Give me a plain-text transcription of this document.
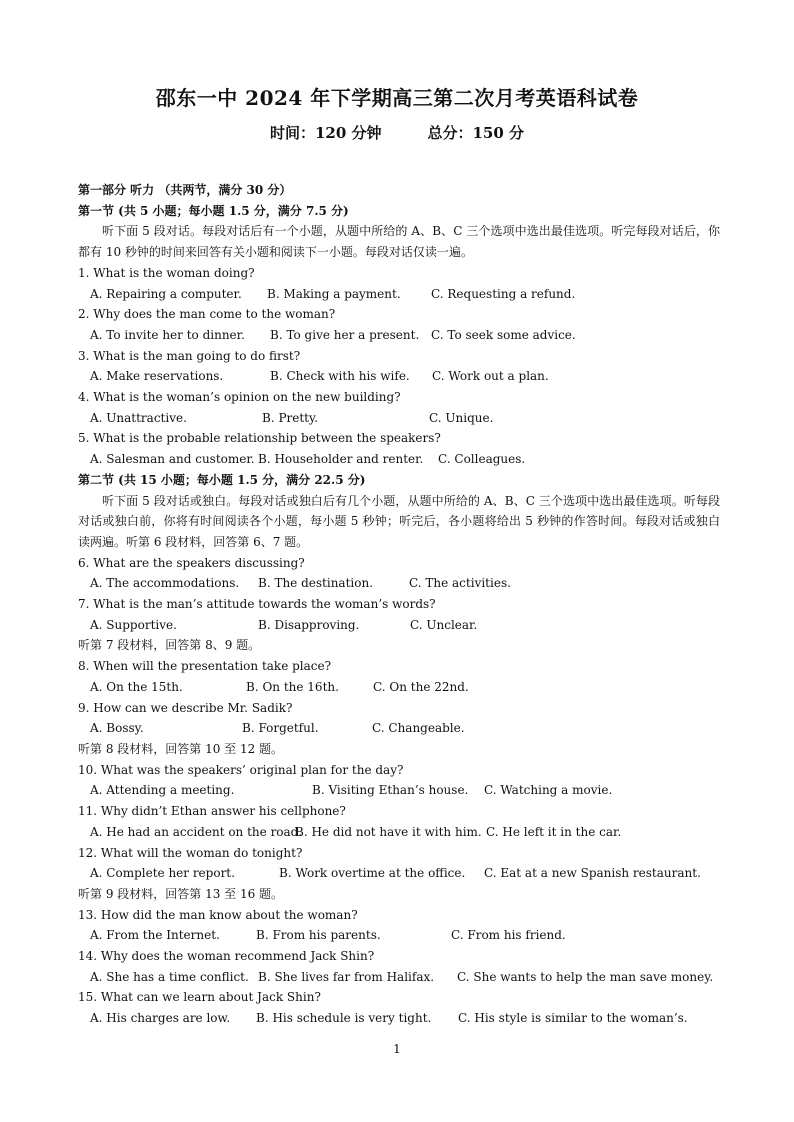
邵东一中 2024 年下学期高三第二次月考英语科试卷
时间：120 分钟	总分：150 分

第一部分 听力 （共两节，满分 30 分）

第一节 (共 5 小题；每小题 1.5 分，满分 7.5 分)

听下面 5 段对话。每段对话后有一个小题，从题中所给的 A、B、C 三个选项中选出最佳选项。听完每段对话后，你都有 10 秒钟的时间来回答有关小题和阅读下一小题。每段对话仅读一遍。

1. What is the woman doing?

A. Repairing a computer.	B. Making a payment.	C. Requesting a refund.

2. Why does the man come to the woman?

A. To invite her to dinner.	B. To give her a present. C. To seek some advice.

3. What is the man going to do first?

A. Make reservations.	B. Check with his wife.	C. Work out a plan.

4. What is the woman’s opinion on the new building?

A. Unattractive.	B. Pretty.	C. Unique.

5. What is the probable relationship between the speakers?

A. Salesman and customer. B. Householder and renter.	C. Colleagues.

第二节 (共 15 小题；每小题 1.5 分，满分 22.5 分)

听下面 5 段对话或独白。每段对话或独白后有几个小题，从题中所给的 A、B、C 三个选项中选出最佳选项。听每段对话或独白前，你将有时间阅读各个小题，每小题 5 秒钟；听完后，各小题将给出 5 秒钟的作答时间。每段对话或独白读两遍。听第 6 段材料，回答第 6、7 题。

6. What are the speakers discussing?

A. The accommodations.	B. The destination.	C. The activities.

7. What is the man’s attitude towards the woman’s words?

A. Supportive.	B. Disapproving.	C. Unclear.

听第 7 段材料，回答第 8、9 题。

8. When will the presentation take place?

A. On the 15th.	B. On the 16th.	C. On the 22nd.

9. How can we describe Mr. Sadik?

A. Bossy.	B. Forgetful.	C. Changeable.

听第 8 段材料，回答第 10 至 12 题。

10. What was the speakers’ original plan for the day?

A. Attending a meeting.	B. Visiting Ethan’s house.	C. Watching a movie.

11. Why didn’t Ethan answer his cellphone?

A. He had an accident on the road.
B. He did not have it with him. C. He left it in the car.

12. What will the woman do tonight?

A. Complete her report.	B. Work overtime at the office.	C. Eat at a new Spanish restaurant.

听第 9 段材料，回答第 13 至 16 题。

13. How did the man know about the woman?

A. From the Internet.	B. From his parents.	C. From his friend.

14. Why does the woman recommend Jack Shin?

A. She has a time conflict. B. She lives far from Halifax.	C. She wants to help the man save money.

15. What can we learn about Jack Shin?

A. His charges are low.	B. His schedule is very tight.	C. His style is similar to the woman’s.

1
